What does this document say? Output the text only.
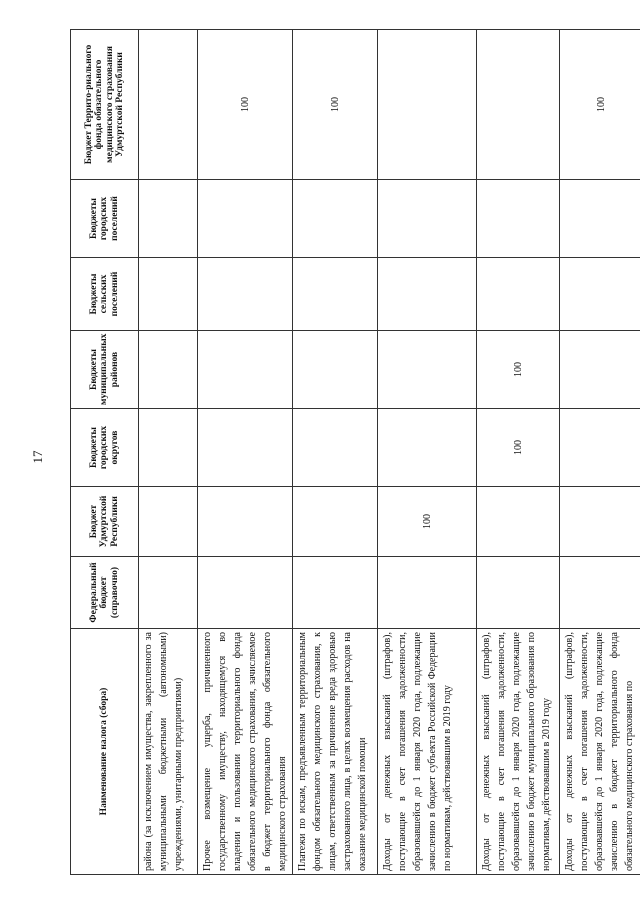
17
Наименование налога (сбора)	Федеральный бюджет (справочно)	Бюджет Удмуртской Республики	Бюджеты городских округов	Бюджеты муниципальных районов	Бюджеты сельских поселений	Бюджеты городских поселений	Бюджет Террито-риального фонда обязательного медицинского страхования Удмуртской Республики
района (за исключением имущества, закрепленного за муниципальными бюджетными (автономными) учреждениями, унитарными предприятиями)							
Прочее возмещение ущерба, причиненного государственному имуществу, находящемуся во владении и пользовании территориального фонда обязательного медицинского страхования, зачисляемое в бюджет территориального фонда обязательного медицинского страхования							100
Платежи по искам, предъявленным территориальным фондом обязательного медицинского страхования, к лицам, ответственным за причинение вреда здоровью застрахованного лица, в целях возмещения расходов на оказание медицинской помощи							100
Доходы от денежных взысканий (штрафов), поступающие в счет погашения задолженности, образовавшейся до 1 января 2020 года, подлежащие зачислению в бюджет субъекта Российской Федерации по нормативам, действовавшим в 2019 году		100					
Доходы от денежных взысканий (штрафов), поступающие в счет погашения задолженности, образовавшейся до 1 января 2020 года, подлежащие зачислению в бюджет муниципального образования по нормативам, действовавшим в 2019 году			100	100			
Доходы от денежных взысканий (штрафов), поступающие в счет погашения задолженности, образовавшейся до 1 января 2020 года, подлежащие зачислению в бюджет территориального фонда обязательного медицинского страхования по							100
